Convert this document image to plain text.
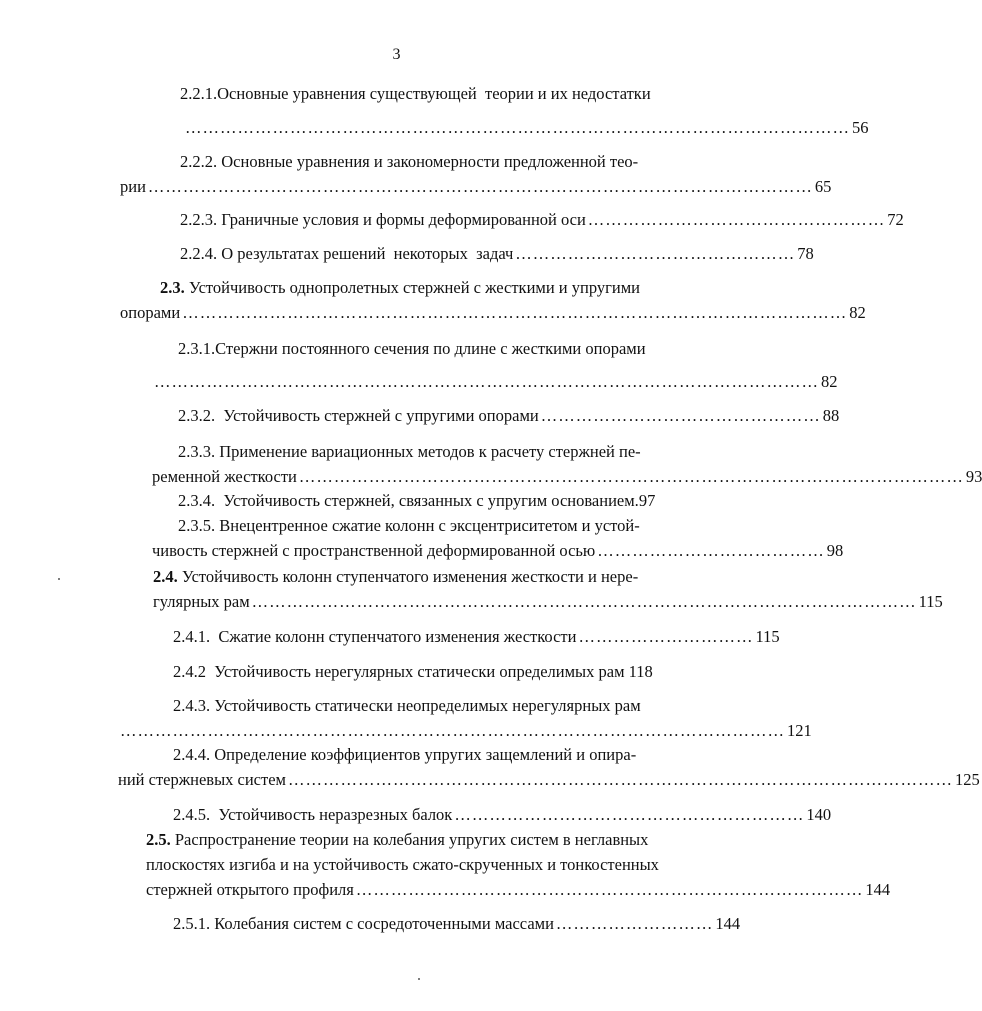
3
2.2.1.Основные уравнения существующей  теории и их недостатки
…………………………………………………………………………………………………… 56
2.2.2. Основные уравнения и закономерности предложенной тео-
рии …………………………………………………………………………………………………… 65
2.2.3. Граничные условия и формы деформированной оси …………………………………………… 72
2.2.4. О результатах решений  некоторых  задач ………………………………………… 78
2.3. Устойчивость однопролетных стержней с жесткими и упругими
опорами …………………………………………………………………………………………………… 82
2.3.1.Стержни постоянного сечения по длине с жесткими опорами
…………………………………………………………………………………………………… 82
2.3.2.  Устойчивость стержней с упругими опорами ………………………………………… 88
2.3.3. Применение вариационных методов к расчету стержней пе-
ременной жесткости …………………………………………………………………………………………………… 93
2.3.4.  Устойчивость стержней, связанных с упругим основанием.97
2.3.5. Внецентренное сжатие колонн с эксцентриситетом и устой-
чивость стержней с пространственной деформированной осью ………………………………… 98
2.4. Устойчивость колонн ступенчатого изменения жесткости и нере-
гулярных рам …………………………………………………………………………………………………… 115
2.4.1.  Сжатие колонн ступенчатого изменения жесткости ………………………… 115
2.4.2  Устойчивость нерегулярных статически определимых рам 118
2.4.3. Устойчивость статически неопределимых нерегулярных рам
…………………………………………………………………………………………………… 121
2.4.4. Определение коэффициентов упругих защемлений и опира-
ний стержневых систем …………………………………………………………………………………………………… 125
2.4.5.  Устойчивость неразрезных балок …………………………………………………… 140
2.5. Распространение теории на колебания упругих систем в неглавных
плоскостях изгиба и на устойчивость сжато-скрученных и тонкостенных
стержней открытого профиля …………………………………………………………………………… 144
2.5.1. Колебания систем с сосредоточенными массами ……………………… 144
